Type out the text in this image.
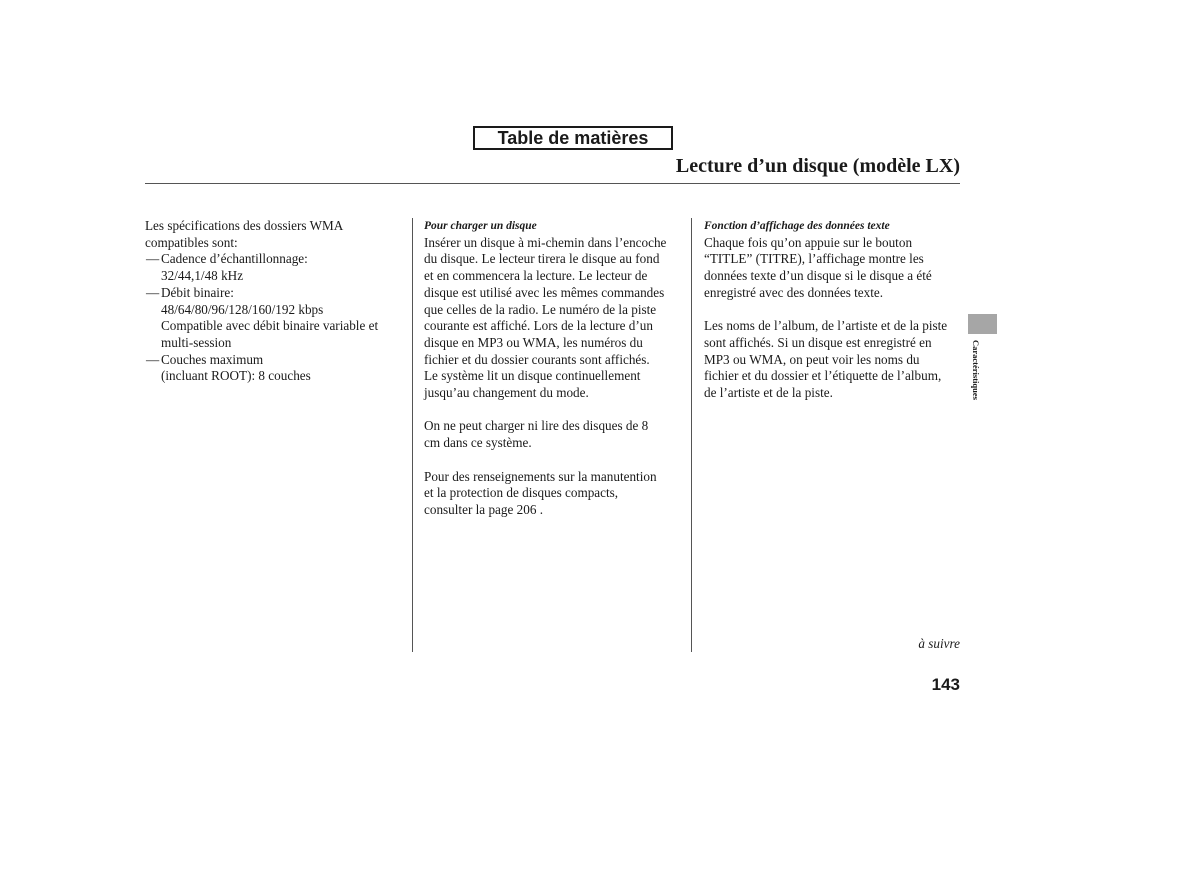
Table de matières
Lecture d’un disque (modèle LX)

Les spécifications des dossiers WMA

compatibles sont:

— Cadence d’échantillonnage:

32/44,1/48 kHz

— Débit binaire:

48/64/80/96/128/160/192 kbps

Compatible avec débit binaire variable et

multi-session

— Couches maximum

(incluant ROOT): 8 couches

Pour charger un disque

Insérer un disque à mi-chemin dans l’encoche

du disque. Le lecteur tirera le disque au fond

et en commencera la lecture. Le lecteur de

disque est utilisé avec les mêmes commandes

que celles de la radio. Le numéro de la piste

courante est affiché. Lors de la lecture d’un

disque en MP3 ou WMA, les numéros du

fichier et du dossier courants sont affichés.

Le système lit un disque continuellement

jusqu’au changement du mode.

On ne peut charger ni lire des disques de 8

cm dans ce système.

Pour des renseignements sur la manutention

et la protection de disques compacts,

consulter la page 206 .

Fonction d’affichage des données texte

Chaque fois qu’on appuie sur le bouton

“TITLE” (TITRE), l’affichage montre les

données texte d’un disque si le disque a été

enregistré avec des données texte.

Les noms de l’album, de l’artiste et de la piste

sont affichés. Si un disque est enregistré en

MP3 ou WMA, on peut voir les noms du

fichier et du dossier et l’étiquette de l’album,

de l’artiste et de la piste.	Caractéristiques
à suivre
143
